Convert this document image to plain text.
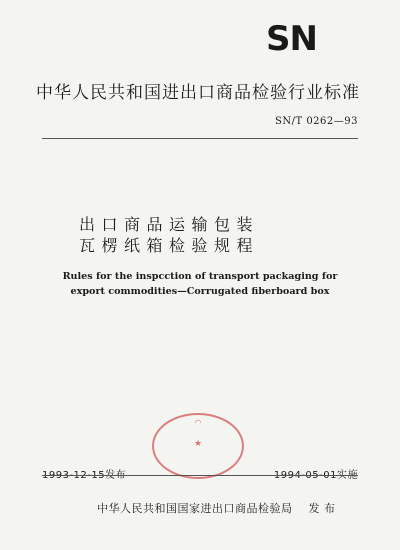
SN
中华人民共和国进出口商品检验行业标准
SN/T 0262—93
出口商品运输包装
瓦楞纸箱检验规程
Rules for the inspcction of transport packaging for
export commodities—Corrugated fiberboard box
◠
★
1993-12-15发布	1994-05-01实施
中华人民共和国国家进出口商品检验局 发 布
